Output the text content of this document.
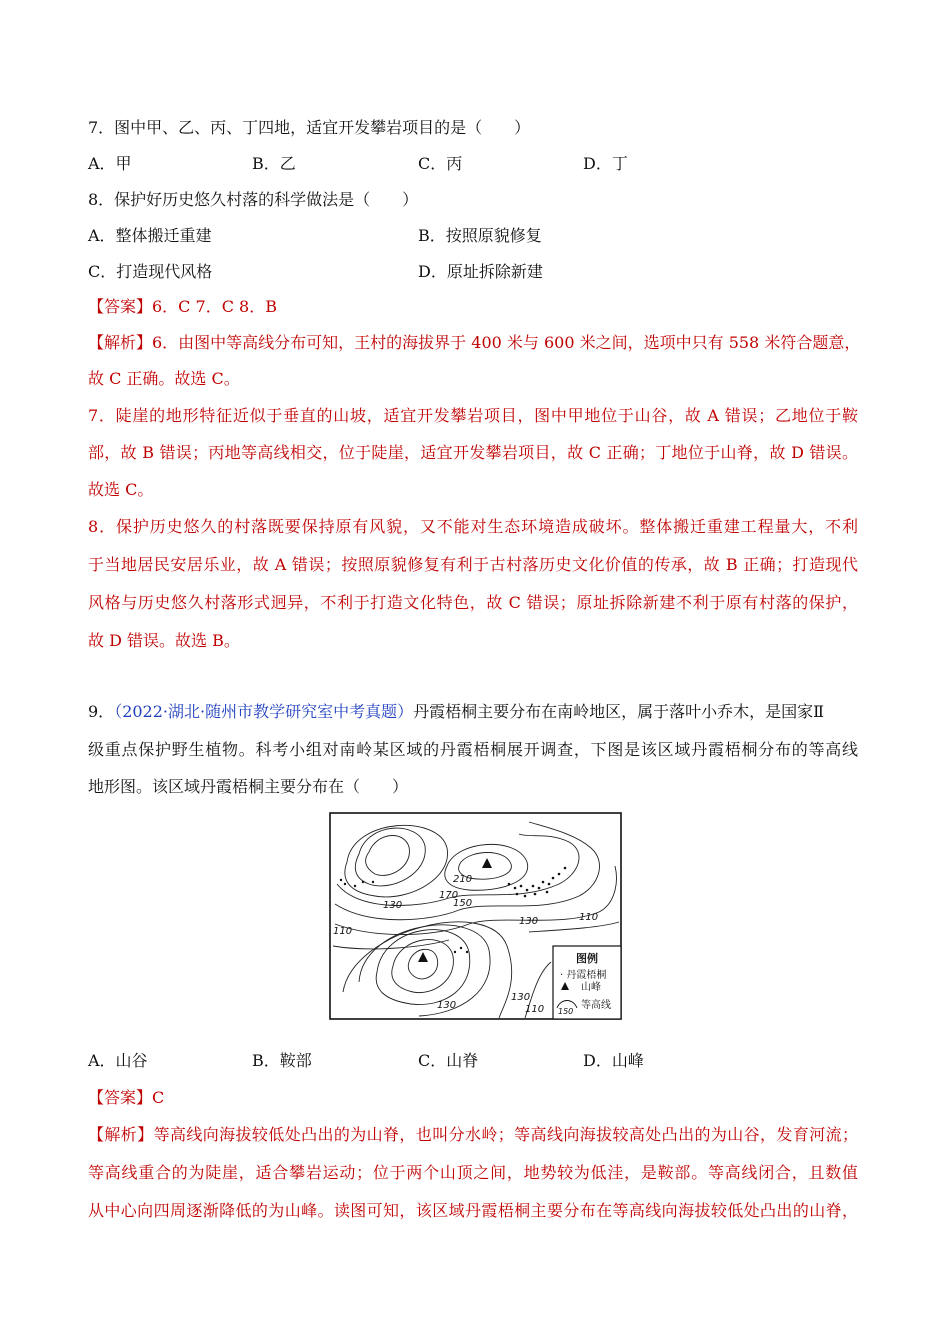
7．图中甲、乙、丙、丁四地，适宜开发攀岩项目的是（　　）
A．甲	B．乙	C．丙	D．丁
8．保护好历史悠久村落的科学做法是（　　）
A．整体搬迁重建	B．按照原貌修复
C．打造现代风格	D．原址拆除新建
【答案】6．C 7．C 8．B
【解析】6．由图中等高线分布可知，王村的海拔界于 400 米与 600 米之间，选项中只有 558 米符合题意，
故 C 正确。故选 C。
7．陡崖的地形特征近似于垂直的山坡，适宜开发攀岩项目，图中甲地位于山谷，故 A 错误；乙地位于鞍
部，故 B 错误；丙地等高线相交，位于陡崖，适宜开发攀岩项目，故 C 正确；丁地位于山脊，故 D 错误。
故选 C。
8．保护历史悠久的村落既要保持原有风貌，又不能对生态环境造成破坏。整体搬迁重建工程量大，不利
于当地居民安居乐业，故 A 错误；按照原貌修复有利于古村落历史文化价值的传承，故 B 正确；打造现代
风格与历史悠久村落形式迥异，不利于打造文化特色，故 C 错误；原址拆除新建不利于原有村落的保护，
故 D 错误。故选 B。
9．（2022·湖北·随州市教学研究室中考真题）丹霞梧桐主要分布在南岭地区，属于落叶小乔木，是国家Ⅱ
级重点保护野生植物。科考小组对南岭某区域的丹霞梧桐展开调查，下图是该区域丹霞梧桐分布的等高线
地形图。该区域丹霞梧桐主要分布在（　　）
210
170
150
130
130	110
110
130
130
110
图例
· 丹霞梧桐
山峰
150
等高线
A．山谷	B．鞍部	C．山脊	D．山峰
【答案】C
【解析】等高线向海拔较低处凸出的为山脊，也叫分水岭；等高线向海拔较高处凸出的为山谷，发育河流；
等高线重合的为陡崖，适合攀岩运动；位于两个山顶之间，地势较为低洼，是鞍部。等高线闭合，且数值
从中心向四周逐渐降低的为山峰。读图可知，该区域丹霞梧桐主要分布在等高线向海拔较低处凸出的山脊，
